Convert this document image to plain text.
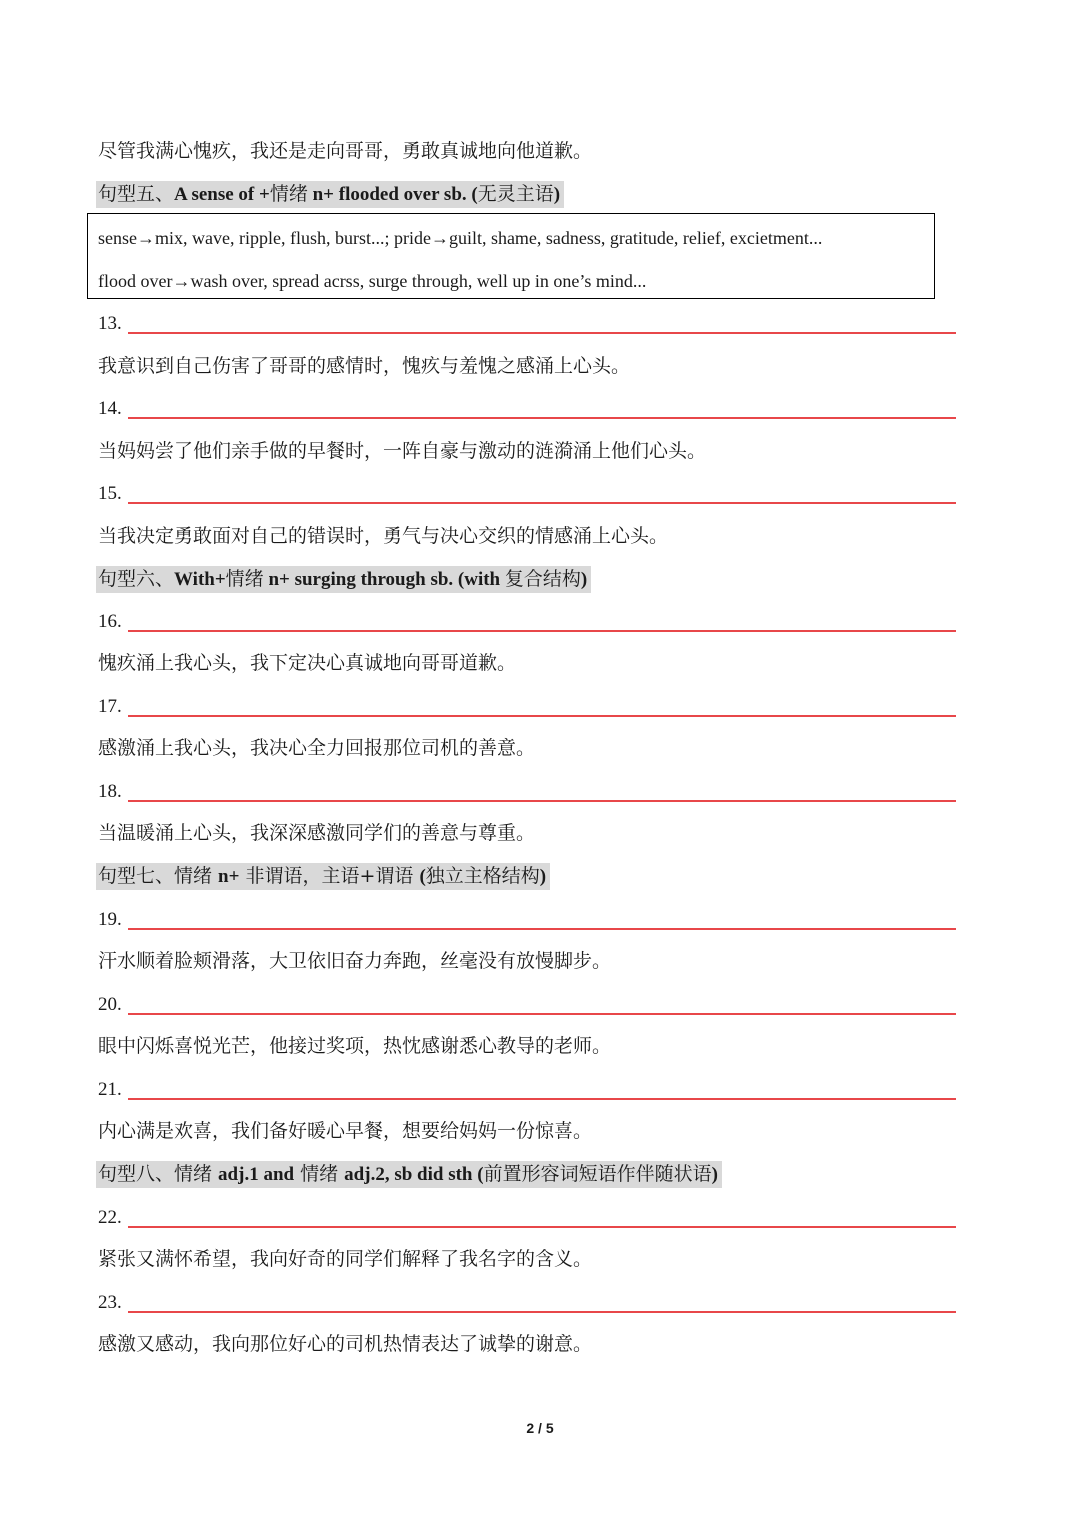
尽管我满心愧疚，我还是走向哥哥，勇敢真诚地向他道歉。
句型五、A sense of +情绪 n+ flooded over sb. (无灵主语)
sense→mix, wave, ripple, flush, burst...; pride→guilt, shame, sadness, gratitude, relief, excietment...
flood over→wash over, spread acrss, surge through, well up in one’s mind...
13.
我意识到自己伤害了哥哥的感情时，愧疚与羞愧之感涌上心头。
14.
当妈妈尝了他们亲手做的早餐时，一阵自豪与激动的涟漪涌上他们心头。
15.
当我决定勇敢面对自己的错误时，勇气与决心交织的情感涌上心头。
句型六、With+情绪 n+ surging through sb. (with 复合结构)
16.
愧疚涌上我心头，我下定决心真诚地向哥哥道歉。
17.
感激涌上我心头，我决心全力回报那位司机的善意。
18.
当温暖涌上心头，我深深感激同学们的善意与尊重。
句型七、情绪 n+ 非谓语，主语+谓语 (独立主格结构)
19.
汗水顺着脸颊滑落，大卫依旧奋力奔跑，丝毫没有放慢脚步。
20.
眼中闪烁喜悦光芒，他接过奖项，热忱感谢悉心教导的老师。
21.
内心满是欢喜，我们备好暖心早餐，想要给妈妈一份惊喜。
句型八、情绪 adj.1 and 情绪 adj.2, sb did sth (前置形容词短语作伴随状语)
22.
紧张又满怀希望，我向好奇的同学们解释了我名字的含义。
23.
感激又感动，我向那位好心的司机热情表达了诚挚的谢意。
2 / 5
